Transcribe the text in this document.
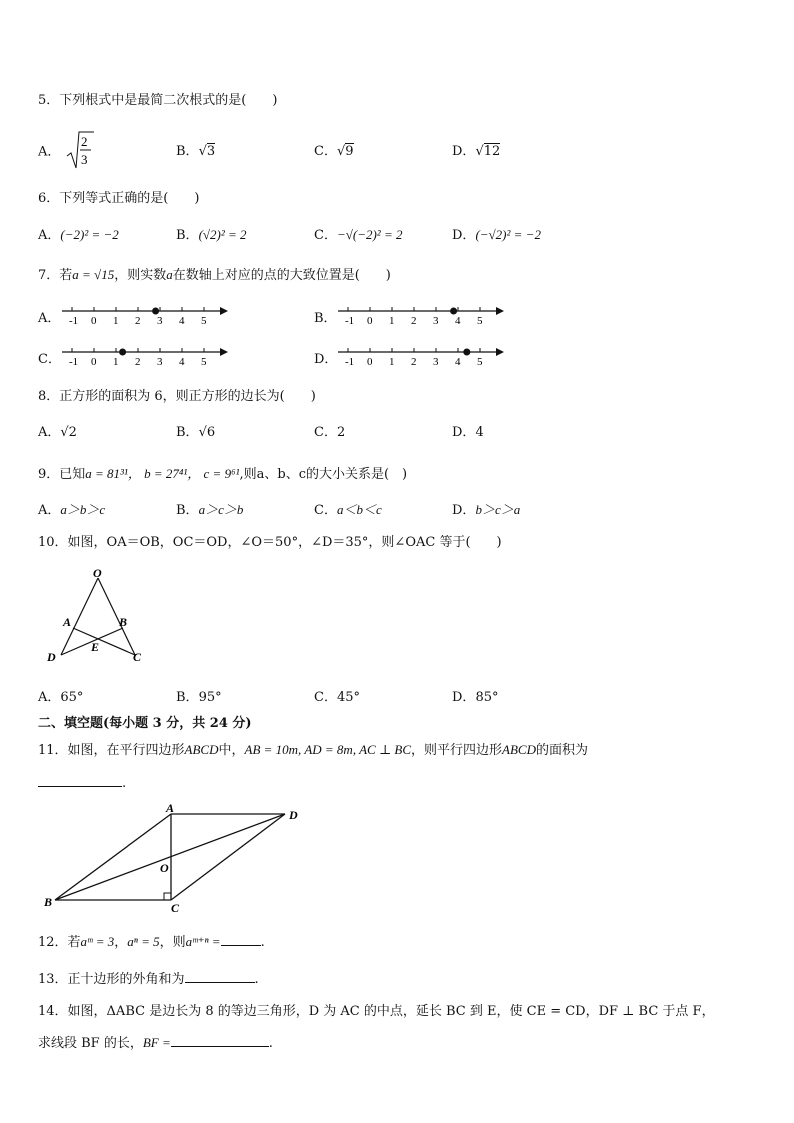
5．下列根式中是最简二次根式的是(　　)
A．
2
3
B．√3	C．√9	D．√12
6．下列等式正确的是(　　)
A．(−2)² = −2	B．(√2)² = 2	C．−√(−2)² = 2	D．(−√2)² = −2
7．若a = √15，则实数a在数轴上对应的点的大致位置是(　　)
A． -1 0 1 2 3 4 5	B． -1 0 1 2 3 4 5
C． -1 0 1 2 3 4 5	D． -1 0 1 2 3 4 5
8．正方形的面积为 6，则正方形的边长为(　　)
A．√2	B．√6	C．2	D．4
9．已知a = 81³¹， b = 27⁴¹， c = 9⁶¹,则a、b、c的大小关系是(　)
A．a＞b＞c	B．a＞c＞b	C．a＜b＜c	D．b＞c＞a
10．如图，OA＝OB，OC＝OD，∠O＝50°，∠D＝35°，则∠OAC 等于(　　)
O
A	B
D
E
C
A．65°	B．95°	C．45°	D．85°
二、填空题(每小题 3 分，共 24 分)
11．如图，在平行四边形ABCD中，AB = 10m, AD = 8m, AC ⊥ BC，则平行四边形ABCD的面积为
.
A	D
O
B	C
12．若aᵐ = 3，aⁿ = 5，则aᵐ⁺ⁿ =	.
13．正十边形的外角和为	.
14．如图，ΔABC 是边长为 8 的等边三角形，D 为 AC 的中点，延长 BC 到 E，使 CE = CD，DF ⊥ BC 于点 F，
求线段 BF 的长，BF =	.
